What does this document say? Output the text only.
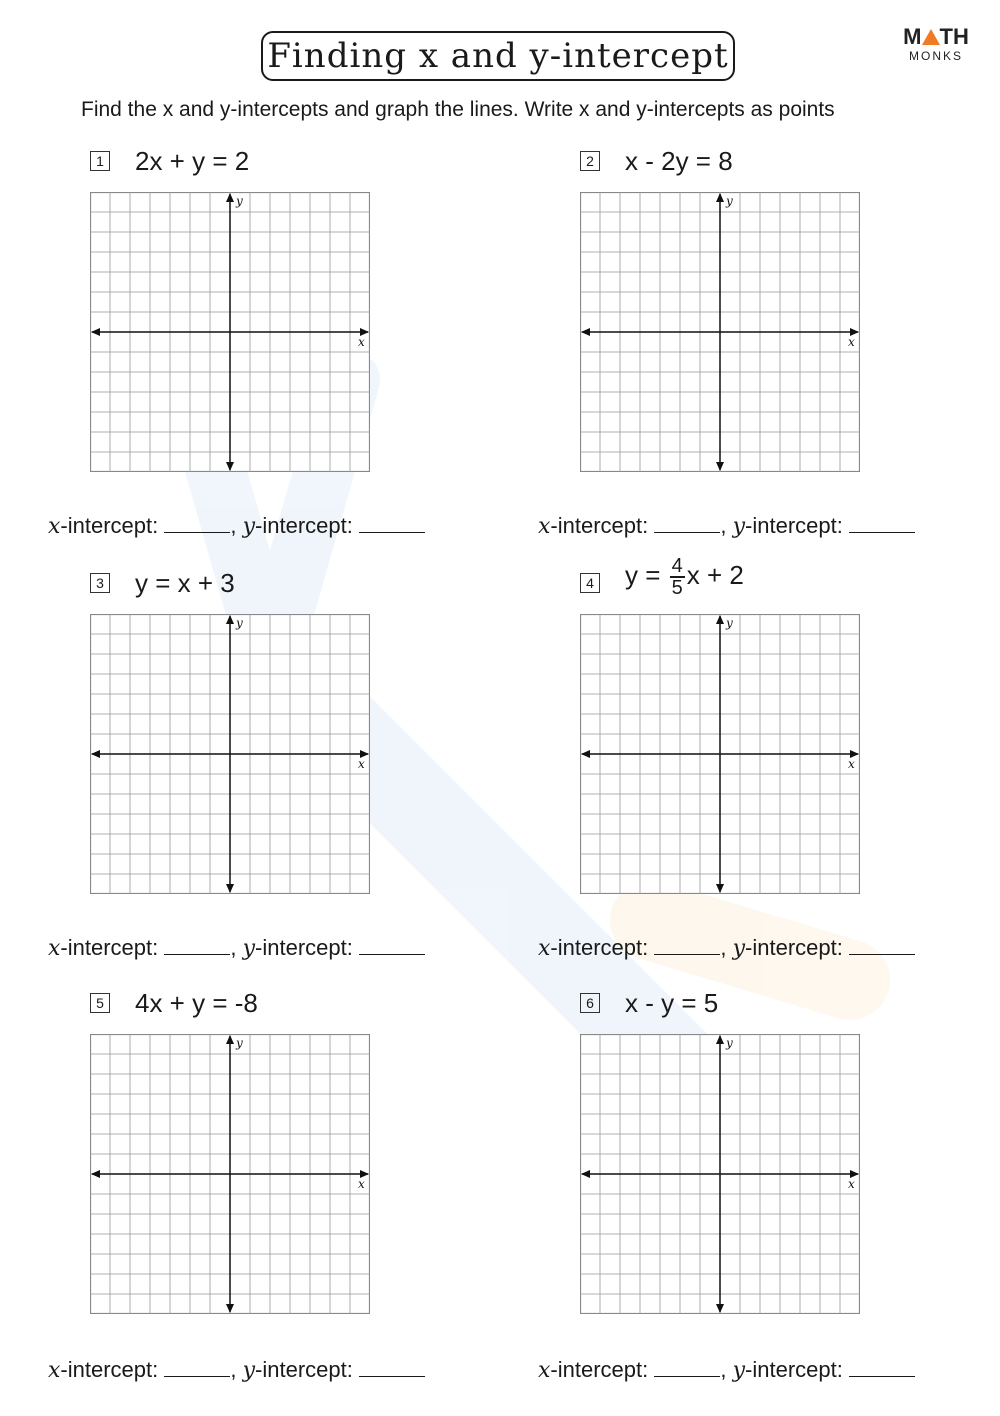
Finding x and y-intercept	M TH
MONKS
Find the x and y-intercepts and graph the lines. Write x and y-intercepts as points
1 2x + y = 2
x
y
x-intercept:	, y-intercept:
2 x - 2y = 8
x
y
x-intercept:	, y-intercept:
3 y = x + 3
x
y
x-intercept:	, y-intercept:
4 $y = \frac{4}{5}$ x + 2
x
y
x-intercept:	, y-intercept:
5 4x + y = -8
x
y
x-intercept:	, y-intercept:
6 x - y = 5
x
y
x-intercept:	, y-intercept:
